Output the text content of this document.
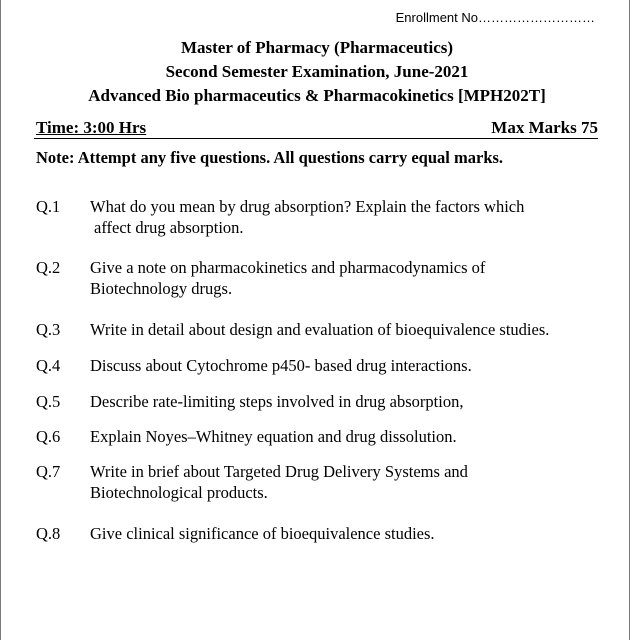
Enrollment No………………………
Master of Pharmacy (Pharmaceutics)
Second Semester Examination, June-2021
Advanced Bio pharmaceutics & Pharmacokinetics [MPH202T]
Time: 3:00 Hrs	Max Marks 75
Note: Attempt any five questions. All questions carry equal marks.
Q.1 What do you mean by drug absorption? Explain the factors which
affect drug absorption.
Q.2 Give a note on pharmacokinetics and pharmacodynamics of
Biotechnology drugs.
Q.3 Write in detail about design and evaluation of bioequivalence studies.
Q.4 Discuss about Cytochrome p450- based drug interactions.
Q.5 Describe rate-limiting steps involved in drug absorption,
Q.6 Explain Noyes–Whitney equation and drug dissolution.
Q.7 Write in brief about Targeted Drug Delivery Systems and
Biotechnological products.
Q.8 Give clinical significance of bioequivalence studies.
